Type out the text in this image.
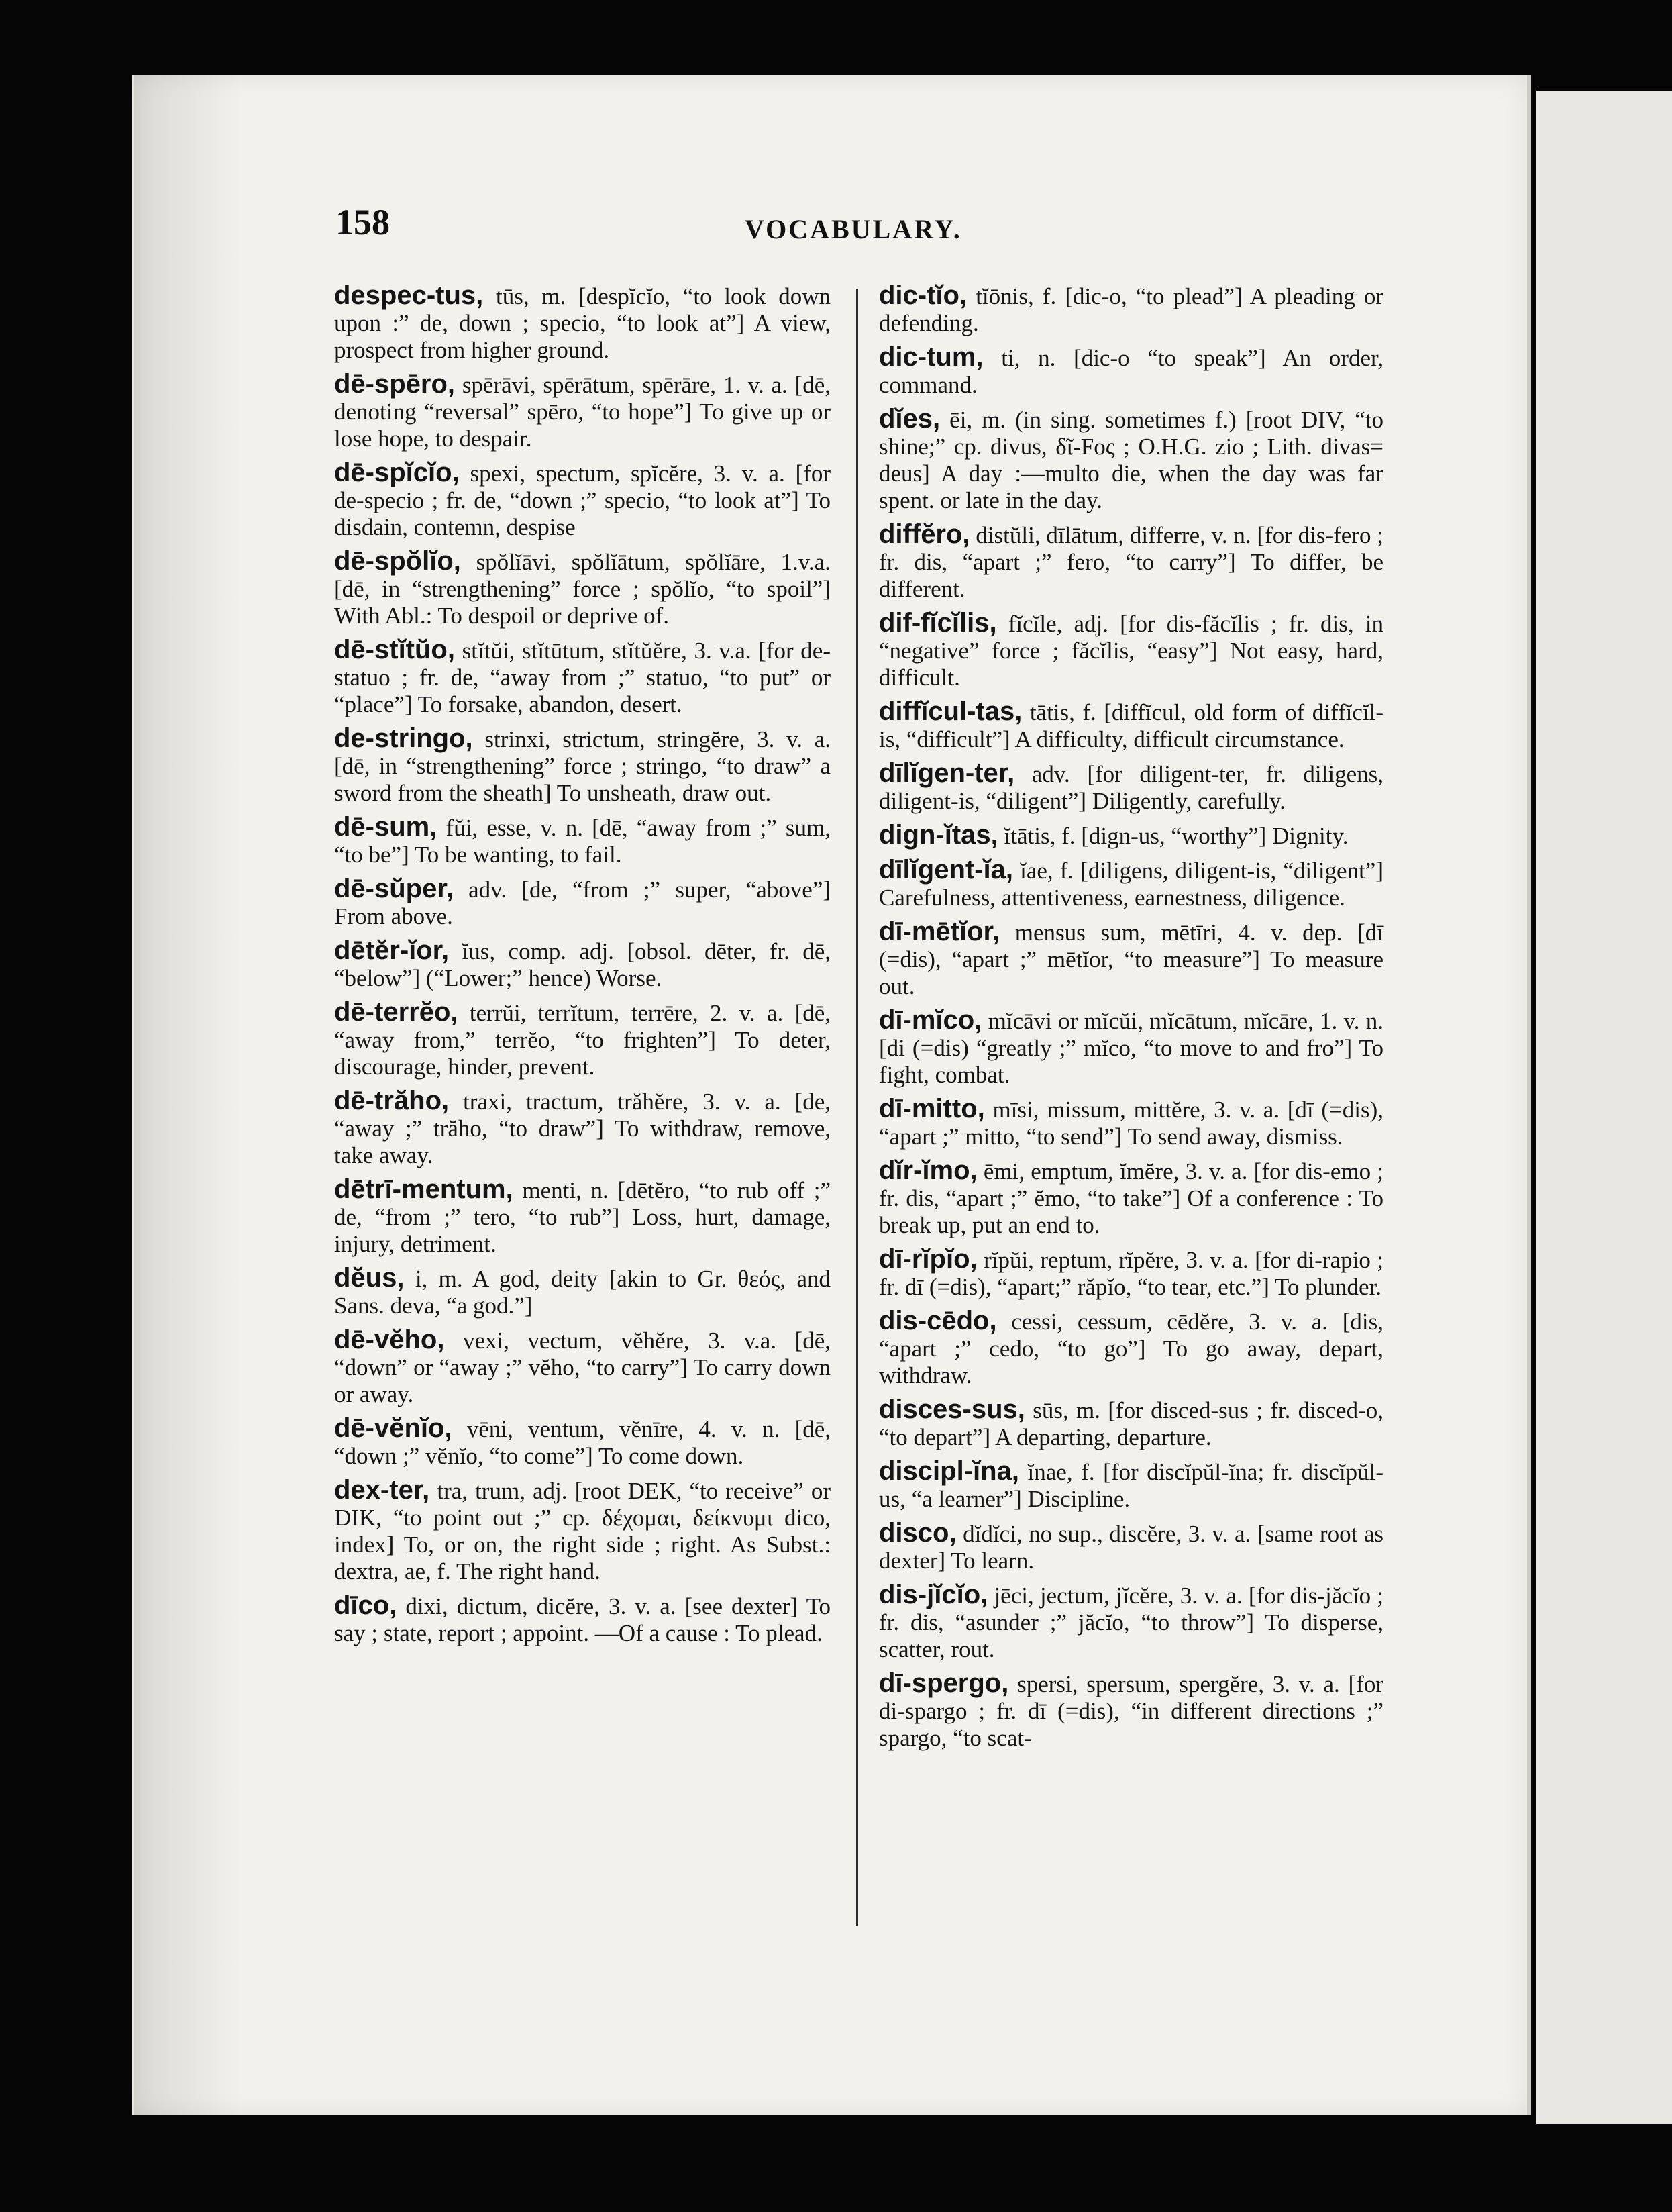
158	VOCABULARY.
despec-tus, tūs, m. [despĭcĭo, “to look down upon :” de, down ; specio, “to look at”] A view, prospect from higher ground.
dē-spēro, spērāvi, spērātum, spērāre, 1. v. a. [dē, denoting “reversal” spēro, “to hope”] To give up or lose hope, to despair.
dē-spĭcĭo, spexi, spectum, spĭcĕre, 3. v. a. [for de-specio ; fr. de, “down ;” specio, “to look at”] To disdain, contemn, despise
dē-spŏlĭo, spŏlĭāvi, spŏlĭātum, spŏlĭāre, 1.v.a. [dē, in “strengthening” force ; spŏlĭo, “to spoil”] With Abl.: To despoil or deprive of.
dē-stĭtŭo, stĭtŭi, stĭtūtum, stĭtŭĕre, 3. v.a. [for de-statuo ; fr. de, “away from ;” statuo, “to put” or “place”] To forsake, abandon, desert.
de-stringo, strinxi, strictum, stringĕre, 3. v. a. [dē, in “strengthening” force ; stringo, “to draw” a sword from the sheath] To unsheath, draw out.
dē-sum, fŭi, esse, v. n. [dē, “away from ;” sum, “to be”] To be wanting, to fail.
dē-sŭper, adv. [de, “from ;” super, “above”] From above.
dētĕr-ĭor, ĭus, comp. adj. [obsol. dēter, fr. dē, “below”] (“Lower;” hence) Worse.
dē-terrĕo, terrŭi, terrĭtum, terrēre, 2. v. a. [dē, “away from,” terrĕo, “to frighten”] To deter, discourage, hinder, prevent.
dē-trăho, traxi, tractum, trăhĕre, 3. v. a. [de, “away ;” trăho, “to draw”] To withdraw, remove, take away.
dētrī-mentum, menti, n. [dētĕro, “to rub off ;” de, “from ;” tero, “to rub”] Loss, hurt, damage, injury, detriment.
dĕus, i, m. A god, deity [akin to Gr. θεός, and Sans. deva, “a god.”]
dē-vĕho, vexi, vectum, vĕhĕre, 3. v.a. [dē, “down” or “away ;” vĕho, “to carry”] To carry down or away.
dē-vĕnĭo, vēni, ventum, vĕnīre, 4. v. n. [dē, “down ;” vĕnĭo, “to come”] To come down.
dex-ter, tra, trum, adj. [root DEK, “to receive” or DIK, “to point out ;” cp. δέχομαι, δείκνυμι dico, index] To, or on, the right side ; right. As Subst.: dextra, ae, f. The right hand.
dīco, dixi, dictum, dicĕre, 3. v. a. [see dexter] To say ; state, report ; appoint. —Of a cause : To plead.
dic-tĭo, tĭōnis, f. [dic-o, “to plead”] A pleading or defending.
dic-tum, ti, n. [dic-o “to speak”] An order, command.
dĭes, ēi, m. (in sing. sometimes f.) [root DIV, “to shine;” cp. divus, δῖ-Fος ; O.H.G. zio ; Lith. divas= deus] A day :—multo die, when the day was far spent. or late in the day.
diffĕro, distŭli, dīlātum, differre, v. n. [for dis-fero ; fr. dis, “apart ;” fero, “to carry”] To differ, be different.
dif-fĭcĭlis, fĭcĭle, adj. [for dis-făcĭlis ; fr. dis, in “negative” force ; făcĭlis, “easy”] Not easy, hard, difficult.
diffĭcul-tas, tātis, f. [diffĭcul, old form of diffĭcĭl-is, “difficult”] A difficulty, difficult circumstance.
dīlĭgen-ter, adv. [for diligent-ter, fr. diligens, diligent-is, “diligent”] Diligently, carefully.
dign-ĭtas, ĭtātis, f. [dign-us, “worthy”] Dignity.
dīlĭgent-ĭa, ĭae, f. [diligens, diligent-is, “diligent”] Carefulness, attentiveness, earnestness, diligence.
dī-mētĭor, mensus sum, mētīri, 4. v. dep. [dī (=dis), “apart ;” mētĭor, “to measure”] To measure out.
dī-mĭco, mĭcāvi or mĭcŭi, mĭcātum, mĭcāre, 1. v. n. [di (=dis) “greatly ;” mĭco, “to move to and fro”] To fight, combat.
dī-mitto, mīsi, missum, mittĕre, 3. v. a. [dī (=dis), “apart ;” mitto, “to send”] To send away, dismiss.
dĭr-ĭmo, ēmi, emptum, ĭmĕre, 3. v. a. [for dis-emo ; fr. dis, “apart ;” ĕmo, “to take”] Of a conference : To break up, put an end to.
dī-rĭpĭo, rĭpŭi, reptum, rĭpĕre, 3. v. a. [for di-rapio ; fr. dī (=dis), “apart;” răpĭo, “to tear, etc.”] To plunder.
dis-cēdo, cessi, cessum, cēdĕre, 3. v. a. [dis, “apart ;” cedo, “to go”] To go away, depart, withdraw.
disces-sus, sūs, m. [for disced-sus ; fr. disced-o, “to depart”] A departing, departure.
discipl-ĭna, ĭnae, f. [for discĭpŭl-ĭna; fr. discĭpŭl-us, “a learner”] Discipline.
disco, dĭdĭci, no sup., discĕre, 3. v. a. [same root as dexter] To learn.
dis-jĭcĭo, jēci, jectum, jĭcĕre, 3. v. a. [for dis-jăcĭo ; fr. dis, “asunder ;” jăcĭo, “to throw”] To disperse, scatter, rout.
dī-spergo, spersi, spersum, spergĕre, 3. v. a. [for di-spargo ; fr. dī (=dis), “in different directions ;” spargo, “to scat-
